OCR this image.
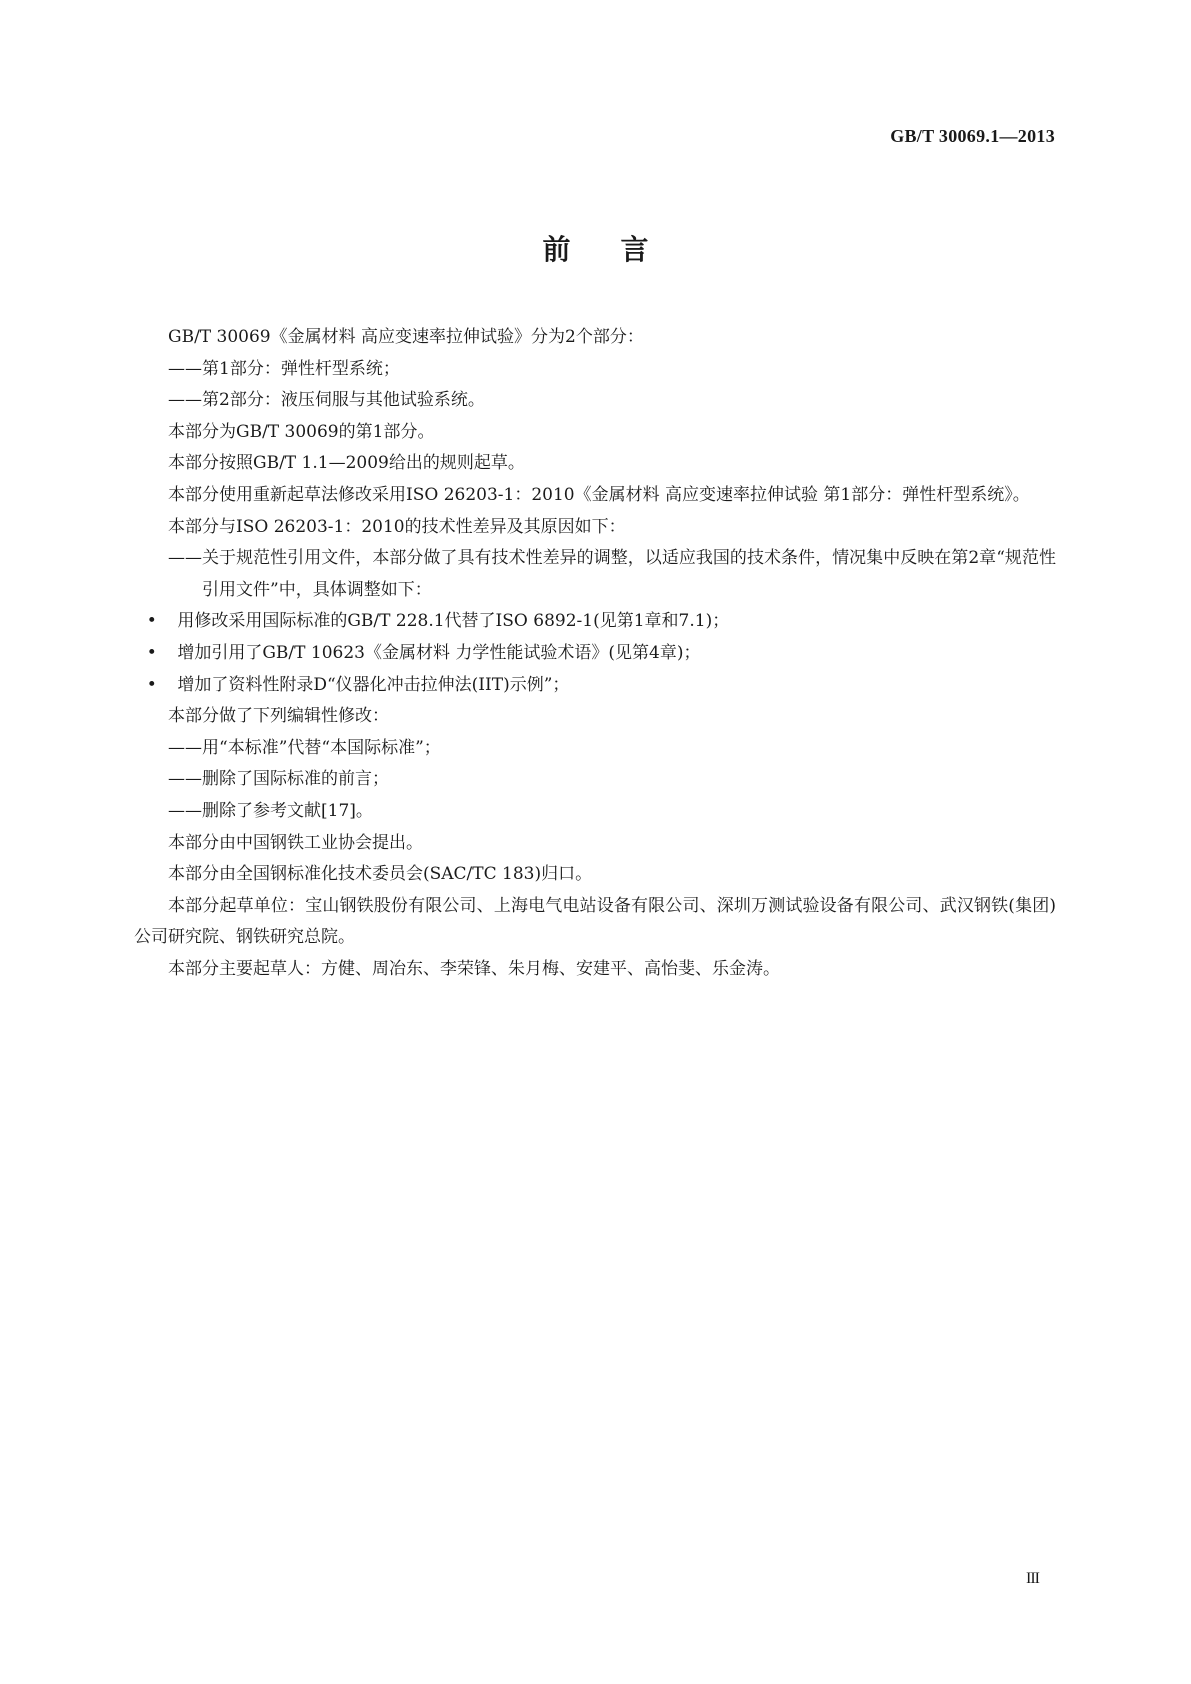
GB/T 30069.1—2013
前言

GB/T 30069《金属材料 高应变速率拉伸试验》分为2个部分：

——第1部分：弹性杆型系统；

——第2部分：液压伺服与其他试验系统。

本部分为GB/T 30069的第1部分。

本部分按照GB/T 1.1—2009给出的规则起草。

本部分使用重新起草法修改采用ISO 26203-1：2010《金属材料 高应变速率拉伸试验 第1部分：弹性杆型系统》。

本部分与ISO 26203-1：2010的技术性差异及其原因如下：

——关于规范性引用文件，本部分做了具有技术性差异的调整，以适应我国的技术条件，情况集中反映在第2章“规范性引用文件”中，具体调整如下：

• 用修改采用国际标准的GB/T 228.1代替了ISO 6892-1(见第1章和7.1)；
• 增加引用了GB/T 10623《金属材料 力学性能试验术语》(见第4章)；
• 增加了资料性附录D“仪器化冲击拉伸法(IIT)示例”；

本部分做了下列编辑性修改：

——用“本标准”代替“本国际标准”；

——删除了国际标准的前言；

——删除了参考文献[17]。

本部分由中国钢铁工业协会提出。

本部分由全国钢标准化技术委员会(SAC/TC 183)归口。

本部分起草单位：宝山钢铁股份有限公司、上海电气电站设备有限公司、深圳万测试验设备有限公司、武汉钢铁(集团)公司研究院、钢铁研究总院。

本部分主要起草人：方健、周冶东、李荣锋、朱月梅、安建平、高怡斐、乐金涛。

III
